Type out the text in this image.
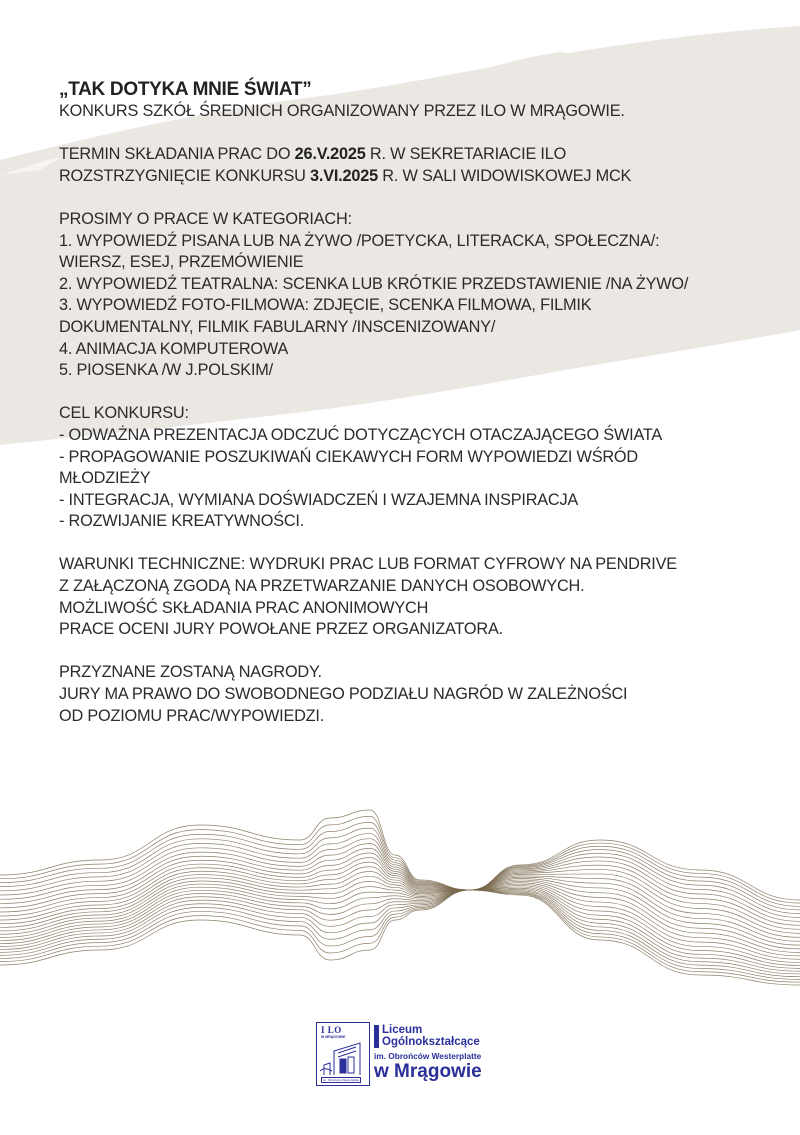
„TAK DOTYKA MNIE ŚWIAT”
KONKURS SZKÓŁ ŚREDNICH ORGANIZOWANY PRZEZ ILO W MRĄGOWIE.
TERMIN SKŁADANIA PRAC DO 26.V.2025 R. W SEKRETARIACIE ILO
ROZSTRZYGNIĘCIE KONKURSU 3.VI.2025 R. W SALI WIDOWISKOWEJ MCK
PROSIMY O PRACE W KATEGORIACH:
1. WYPOWIEDŹ PISANA LUB NA ŻYWO /POETYCKA, LITERACKA, SPOŁECZNA/:
WIERSZ, ESEJ, PRZEMÓWIENIE
2. WYPOWIEDŹ TEATRALNA: SCENKA LUB KRÓTKIE PRZEDSTAWIENIE /NA ŻYWO/
3. WYPOWIEDŹ FOTO-FILMOWA: ZDJĘCIE, SCENKA FILMOWA, FILMIK
DOKUMENTALNY, FILMIK FABULARNY /INSCENIZOWANY/
4. ANIMACJA KOMPUTEROWA
5. PIOSENKA /W J.POLSKIM/
CEL KONKURSU:
- ODWAŻNA PREZENTACJA ODCZUĆ DOTYCZĄCYCH OTACZAJĄCEGO ŚWIATA
- PROPAGOWANIE POSZUKIWAŃ CIEKAWYCH FORM WYPOWIEDZI WŚRÓD
MŁODZIEŻY
- INTEGRACJA, WYMIANA DOŚWIADCZEŃ I WZAJEMNA INSPIRACJA
- ROZWIJANIE KREATYWNOŚCI.
WARUNKI TECHNICZNE: WYDRUKI PRAC LUB FORMAT CYFROWY NA PENDRIVE
Z ZAŁĄCZONĄ ZGODĄ NA PRZETWARZANIE DANYCH OSOBOWYCH.
MOŻLIWOŚĆ SKŁADANIA PRAC ANONIMOWYCH
PRACE OCENI JURY POWOŁANE PRZEZ ORGANIZATORA.
PRZYZNANE ZOSTANĄ NAGRODY.
JURY MA PRAWO DO SWOBODNEGO PODZIAŁU NAGRÓD W ZALEŻNOŚCI
OD POZIOMU PRAC/WYPOWIEDZI.
I LO
W MRĄGOWIE
im. Obrońców Westerplatte
Liceum
Ogólnokształcące
im. Obrońców Westerplatte
w Mrągowie
